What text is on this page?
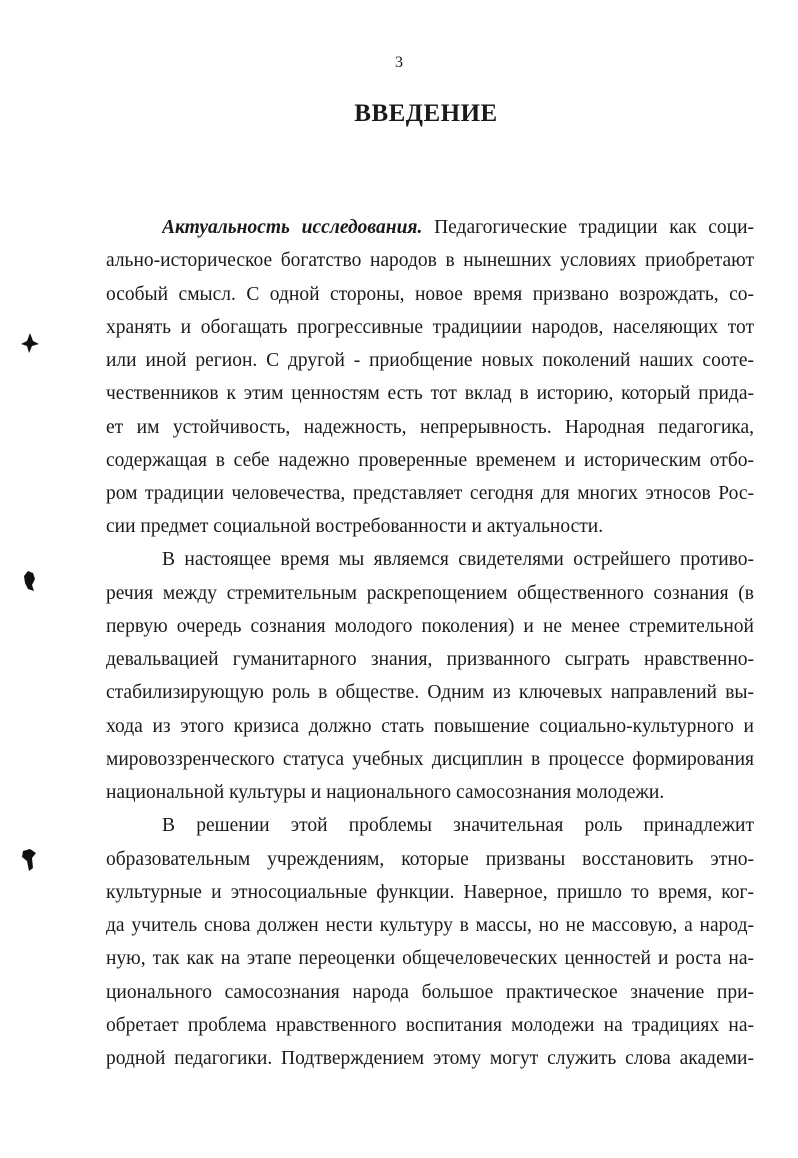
3
ВВЕДЕНИЕ
Актуальность исследования. Педагогические традиции как соци-
ально-историческое богатство народов в нынешних условиях приобретают
особый смысл. С одной стороны, новое время призвано возрождать, со-
хранять и обогащать прогрессивные традициии народов, населяющих тот
или иной регион. С другой - приобщение новых поколений наших сооте-
чественников к этим ценностям есть тот вклад в историю, который прида-
ет им устойчивость, надежность, непрерывность. Народная педагогика,
содержащая в себе надежно проверенные временем и историческим отбо-
ром традиции человечества, представляет сегодня для многих этносов Рос-
сии предмет социальной востребованности и актуальности.
В настоящее время мы являемся свидетелями острейшего противо-
речия между стремительным раскрепощением общественного сознания (в
первую очередь сознания молодого поколения) и не менее стремительной
девальвацией гуманитарного знания, призванного сыграть нравственно-
стабилизирующую роль в обществе. Одним из ключевых направлений вы-
хода из этого кризиса должно стать повышение социально-культурного и
мировоззренческого статуса учебных дисциплин в процессе формирования
национальной культуры и национального самосознания молодежи.
В решении этой проблемы значительная роль принадлежит
образовательным учреждениям, которые призваны восстановить этно-
культурные и этносоциальные функции. Наверное, пришло то время, ког-
да учитель снова должен нести культуру в массы, но не массовую, а народ-
ную, так как на этапе переоценки общечеловеческих ценностей и роста на-
ционального самосознания народа большое практическое значение при-
обретает проблема нравственного воспитания молодежи на традициях на-
родной педагогики. Подтверждением этому могут служить слова академи-
